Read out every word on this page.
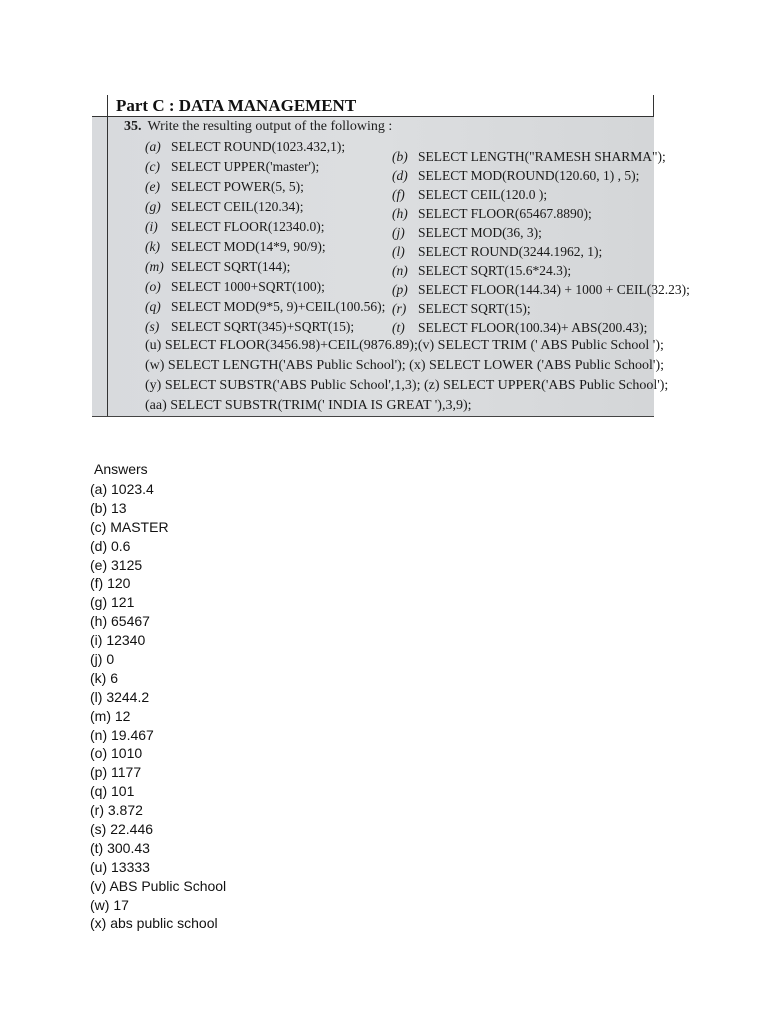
Part C : DATA MANAGEMENT
35. Write the resulting output of the following :
(a) SELECT ROUND(1023.432,1);
(c) SELECT UPPER('master');
(e) SELECT POWER(5, 5);
(g) SELECT CEIL(120.34);
(i) SELECT FLOOR(12340.0);
(k) SELECT MOD(14*9, 90/9);
(m) SELECT SQRT(144);
(o) SELECT 1000+SQRT(100);
(q) SELECT MOD(9*5, 9)+CEIL(100.56);
(s) SELECT SQRT(345)+SQRT(15);
(b) SELECT LENGTH("RAMESH SHARMA");
(d) SELECT MOD(ROUND(120.60, 1) , 5);
(f) SELECT CEIL(120.0 );
(h) SELECT FLOOR(65467.8890);
(j) SELECT MOD(36, 3);
(l) SELECT ROUND(3244.1962, 1);
(n) SELECT SQRT(15.6*24.3);
(p) SELECT FLOOR(144.34) + 1000 + CEIL(32.23);
(r) SELECT SQRT(15);
(t) SELECT FLOOR(100.34)+ ABS(200.43);
(u) SELECT FLOOR(3456.98)+CEIL(9876.89);(v) SELECT TRIM (' ABS Public School ');
(w) SELECT LENGTH('ABS Public School'); (x) SELECT LOWER ('ABS Public School');
(y) SELECT SUBSTR('ABS Public School',1,3); (z) SELECT UPPER('ABS Public School');
(aa) SELECT SUBSTR(TRIM(' INDIA IS GREAT '),3,9);
Answers
(a) 1023.4
(b) 13
(c) MASTER
(d) 0.6
(e) 3125
(f) 120
(g) 121
(h) 65467
(i) 12340
(j) 0
(k) 6
(l) 3244.2
(m) 12
(n) 19.467
(o) 1010
(p) 1177
(q) 101
(r) 3.872
(s) 22.446
(t) 300.43
(u) 13333
(v) ABS Public School
(w) 17
(x) abs public school
